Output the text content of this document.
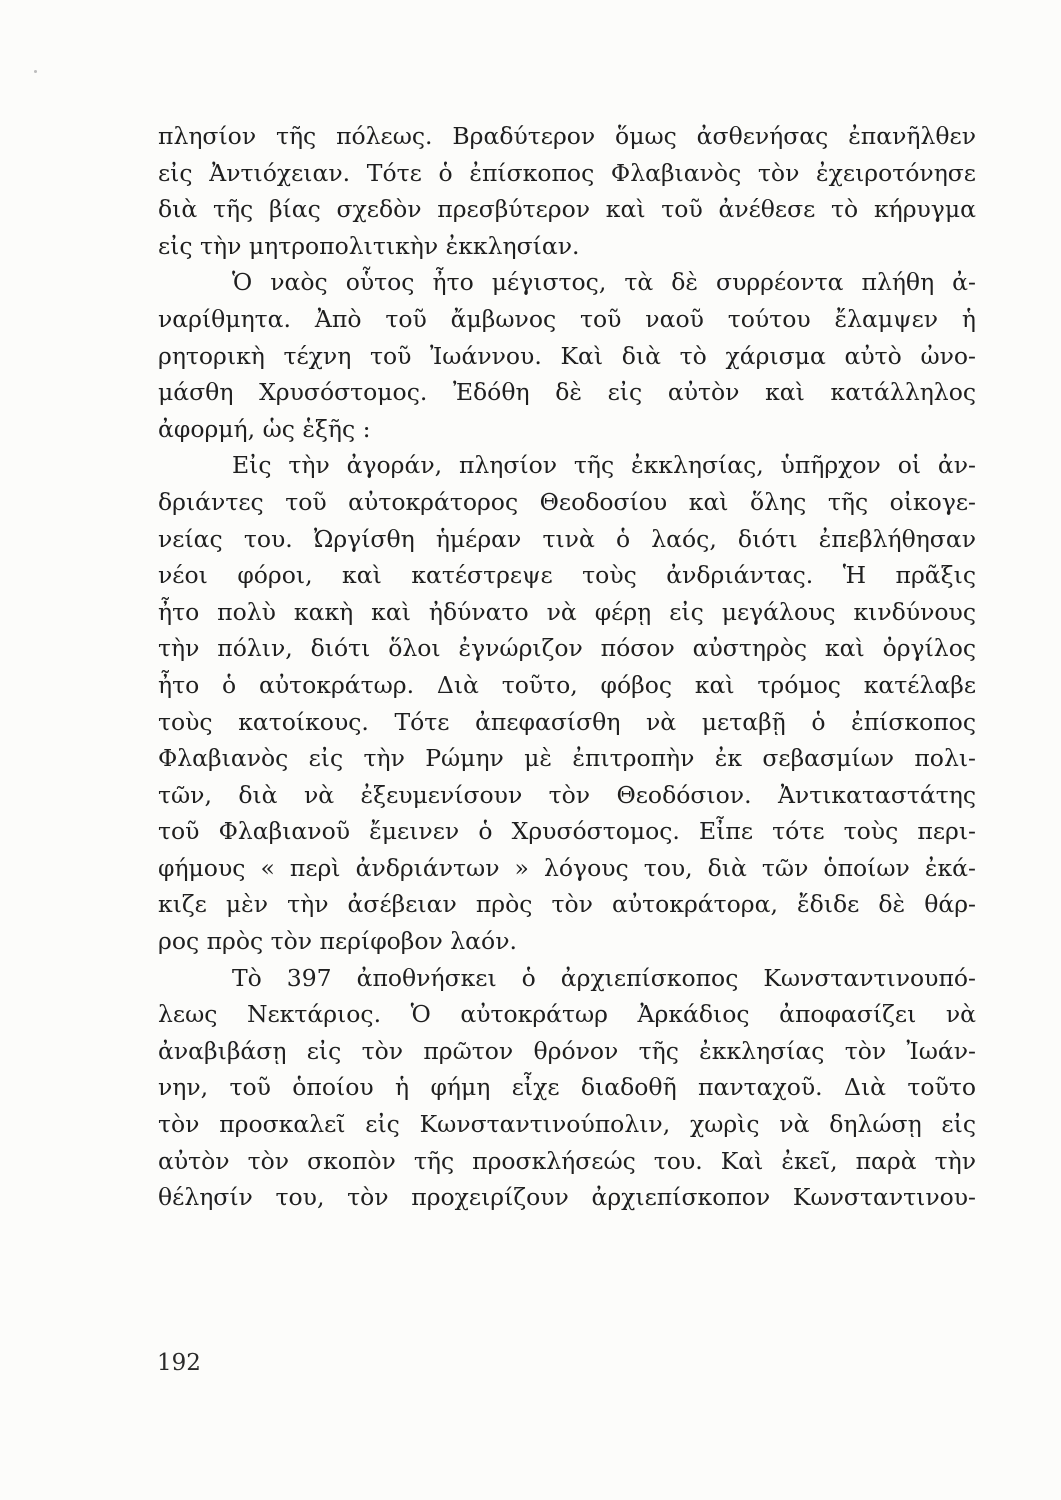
πλησίον τῆς πόλεως. Βραδύτερον ὅμως ἀσθενήσας ἐπανῆλθεν
εἰς Ἀντιόχειαν. Τότε ὁ ἐπίσκοπος Φλαβιανὸς τὸν ἐχειροτόνησε
διὰ τῆς βίας σχεδὸν πρεσβύτερον καὶ τοῦ ἀνέθεσε τὸ κήρυγμα
εἰς τὴν μητροπολιτικὴν ἐκκλησίαν.
Ὁ ναὸς οὗτος ἦτο μέγιστος, τὰ δὲ συρρέοντα πλήθη ἀ-
ναρίθμητα. Ἀπὸ τοῦ ἄμβωνος τοῦ ναοῦ τούτου ἔλαμψεν ἡ
ρητορικὴ τέχνη τοῦ Ἰωάννου. Καὶ διὰ τὸ χάρισμα αὐτὸ ὠνο-
μάσθη Χρυσόστομος. Ἐδόθη δὲ εἰς αὐτὸν καὶ κατάλληλος
ἀφορμή, ὡς ἑξῆς :
Εἰς τὴν ἀγοράν, πλησίον τῆς ἐκκλησίας, ὑπῆρχον οἱ ἀν-
δριάντες τοῦ αὐτοκράτορος Θεοδοσίου καὶ ὅλης τῆς οἰκογε-
νείας του. Ὠργίσθη ἡμέραν τινὰ ὁ λαός, διότι ἐπεβλήθησαν
νέοι φόροι, καὶ κατέστρεψε τοὺς ἀνδριάντας. Ἡ πρᾶξις
ἦτο πολὺ κακὴ καὶ ἠδύνατο νὰ φέρῃ εἰς μεγάλους κινδύνους
τὴν πόλιν, διότι ὅλοι ἐγνώριζον πόσον αὐστηρὸς καὶ ὀργίλος
ἦτο ὁ αὐτοκράτωρ. Διὰ τοῦτο, φόβος καὶ τρόμος κατέλαβε
τοὺς κατοίκους. Τότε ἀπεφασίσθη νὰ μεταβῇ ὁ ἐπίσκοπος
Φλαβιανὸς εἰς τὴν Ρώμην μὲ ἐπιτροπὴν ἐκ σεβασμίων πολι-
τῶν, διὰ νὰ ἐξευμενίσουν τὸν Θεοδόσιον. Ἀντικαταστάτης
τοῦ Φλαβιανοῦ ἔμεινεν ὁ Χρυσόστομος. Εἶπε τότε τοὺς περι-
φήμους « περὶ ἀνδριάντων » λόγους του, διὰ τῶν ὁποίων ἐκά-
κιζε μὲν τὴν ἀσέβειαν πρὸς τὸν αὐτοκράτορα, ἔδιδε δὲ θάρ-
ρος πρὸς τὸν περίφοβον λαόν.
Τὸ 397 ἀποθνήσκει ὁ ἀρχιεπίσκοπος Κωνσταντινουπό-
λεως Νεκτάριος. Ὁ αὐτοκράτωρ Ἀρκάδιος ἀποφασίζει νὰ
ἀναβιβάσῃ εἰς τὸν πρῶτον θρόνον τῆς ἐκκλησίας τὸν Ἰωάν-
νην, τοῦ ὁποίου ἡ φήμη εἶχε διαδοθῆ πανταχοῦ. Διὰ τοῦτο
τὸν προσκαλεῖ εἰς Κωνσταντινούπολιν, χωρὶς νὰ δηλώσῃ εἰς
αὐτὸν τὸν σκοπὸν τῆς προσκλήσεώς του. Καὶ ἐκεῖ, παρὰ τὴν
θέλησίν του, τὸν προχειρίζουν ἀρχιεπίσκοπον Κωνσταντινου-
192
